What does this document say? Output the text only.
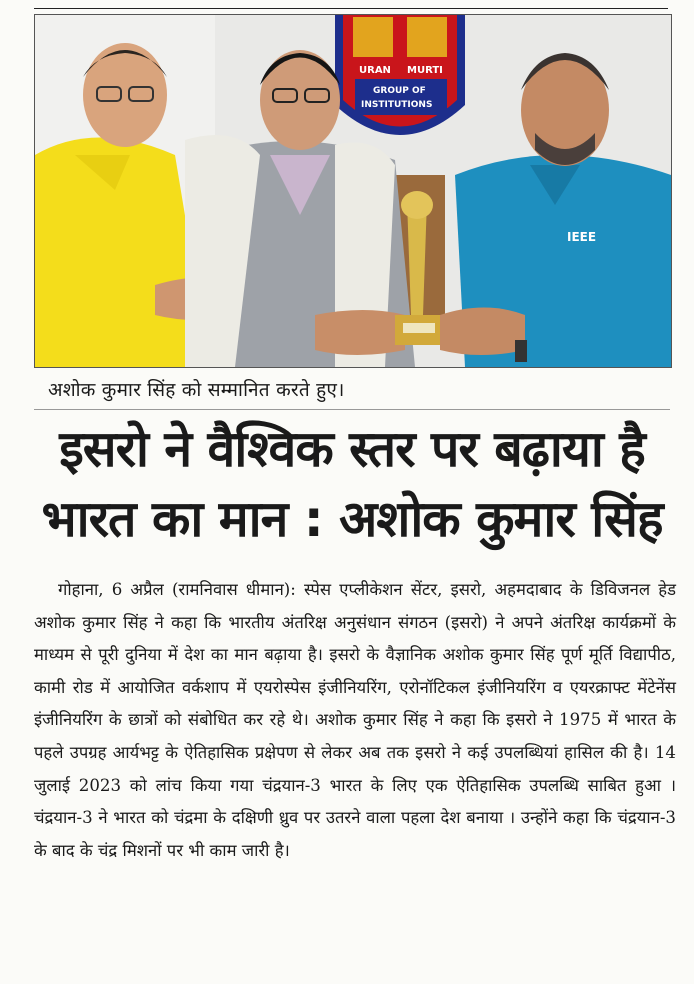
URAN MURTI
GROUP OF
INSTITUTIONS
IEEE
अशोक कुमार सिंह को सम्मानित करते हुए।
इसरो ने वैश्विक स्तर पर बढ़ाया है
भारत का मान : अशोक कुमार सिंह

गोहाना, 6 अप्रैल (रामनिवास धीमान): स्पेस एप्लीकेशन सेंटर, इसरो, अहमदाबाद के डिविजनल हेड अशोक कुमार सिंह ने कहा कि भारतीय अंतरिक्ष अनुसंधान संगठन (इसरो) ने अपने अंतरिक्ष कार्यक्रमों के माध्यम से पूरी दुनिया में देश का मान बढ़ाया है। इसरो के वैज्ञानिक अशोक कुमार सिंह पूर्ण मूर्ति विद्यापीठ, कामी रोड में आयोजित वर्कशाप में एयरोस्पेस इंजीनियरिंग, एरोनॉटिकल इंजीनियरिंग व एयरक्राफ्ट मेंटेनेंस इंजीनियरिंग के छात्रों को संबोधित कर रहे थे। अशोक कुमार सिंह ने कहा कि इसरो ने 1975 में भारत के पहले उपग्रह आर्यभट्ट के ऐतिहासिक प्रक्षेपण से लेकर अब तक इसरो ने कई उपलब्धियां हासिल की है। 14 जुलाई 2023 को लांच किया गया चंद्रयान-3 भारत के लिए एक ऐतिहासिक उपलब्धि साबित हुआ । चंद्रयान-3 ने भारत को चंद्रमा के दक्षिणी ध्रुव पर उतरने वाला पहला देश बनाया । उन्होंने कहा कि चंद्रयान-3 के बाद के चंद्र मिशनों पर भी काम जारी है।
